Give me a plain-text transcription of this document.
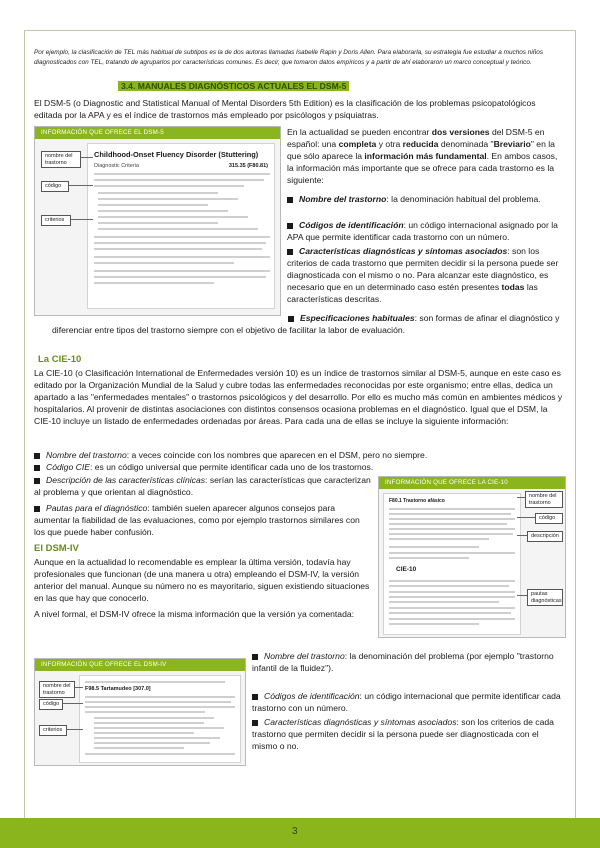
Por ejemplo, la clasificación de TEL más habitual de subtipos es la de dos autoras llamadas Isabelle Rapin y Doris Allen. Para elaborarla, su estrategia fue estudiar a muchos niños diagnosticados con TEL, tratando de agruparlos por características comunes. Es decir, que tomaron datos empíricos y a partir de ahí elaboraron un marco conceptual y teórico.

3.4. MANUALES DIAGNÓSTICOS ACTUALES EL DSM-5

El DSM-5 (o Diagnostic and Statistical Manual of Mental Disorders 5th Edition) es la clasificación de los problemas psicopatológicos editada por la APA y es el índice de trastornos más empleado por psicólogos y psiquiatras.

INFORMACIÓN QUE OFRECE EL DSM-5
Childhood-Onset Fluency Disorder (Stuttering)
Diagnostic Criteria	315.35 (F80.81)
nombre del trastorno
código
criterios

En la actualidad se pueden encontrar dos versiones del DSM-5 en español: una completa y otra reducida denominada "Breviario" en la que sólo aparece la información más fundamental. En ambos casos, la información más importante que se ofrece para cada trastorno es la siguiente:

Nombre del trastorno: la denominación habitual del problema.

Códigos de identificación: un código internacional asignado por la APA que permite identificar cada trastorno con un número.

Características diagnósticas y síntomas asociados: son los criterios de cada trastorno que permiten decidir si la persona puede ser diagnosticada con el mismo o no. Para alcanzar este diagnóstico, es necesario que en un determinado caso estén presentes todas las características descritas.

Especificaciones habituales: son formas de afinar el diagnóstico y diferenciar entre tipos del trastorno siempre con el objetivo de facilitar la labor de evaluación.

La CIE-10

La CIE-10 (o Clasificación International de Enfermedades versión 10) es un índice de trastornos similar al DSM-5, aunque en este caso es editado por la Organización Mundial de la Salud y cubre todas las enfermedades reconocidas por este organismo; entre ellas, dedica un apartado a las "enfermedades mentales" o trastornos psicológicos y del desarrollo. Por ello es mucho más común en ambientes médicos y hospitalarios. Al provenir de distintas asociaciones con distintos consensos ocasiona problemas en el diagnóstico. Igual que el DSM, la CIE-10 incluye un listado de enfermedades ordenadas por áreas. Para cada una de ellas se incluye la siguiente información:

Nombre del trastorno: a veces coincide con los nombres que aparecen en el DSM, pero no siempre.

Código CIE: es un código universal que permite identificar cada uno de los trastornos.

Descripción de las características clínicas: serían las características que caracterizan al problema y que orientan al diagnóstico.

Pautas para el diagnóstico: también suelen aparecer algunos consejos para aumentar la fiabilidad de las evaluaciones, como por ejemplo trastornos similares con los que puede haber confusión.

INFORMACIÓN QUE OFRECE LA CIE-10
F80.1 Trastorno afásico
CIE-10
nombre del trastorno
código
descripción
pautas diagnósticas
El DSM-IV

Aunque en la actualidad lo recomendable es emplear la última versión, todavía hay profesionales que funcionan (de una manera u otra) empleando el DSM-IV, la versión anterior del manual. Aunque su número no es mayoritario, siguen existiendo situaciones en las que hay que conocerlo.

A nivel formal, el DSM-IV ofrece la misma información que la versión ya comentada:

INFORMACIÓN QUE OFRECE EL DSM-IV
F98.5 Tartamudeo [307.0]
nombre del trastorno
código
criterios

Nombre del trastorno: la denominación del problema (por ejemplo "trastorno infantil de la fluidez").

Códigos de identificación: un código internacional que permite identificar cada trastorno con un número.

Características diagnósticas y síntomas asociados: son los criterios de cada trastorno que permiten decidir si la persona puede ser diagnosticada con el mismo o no.

3
